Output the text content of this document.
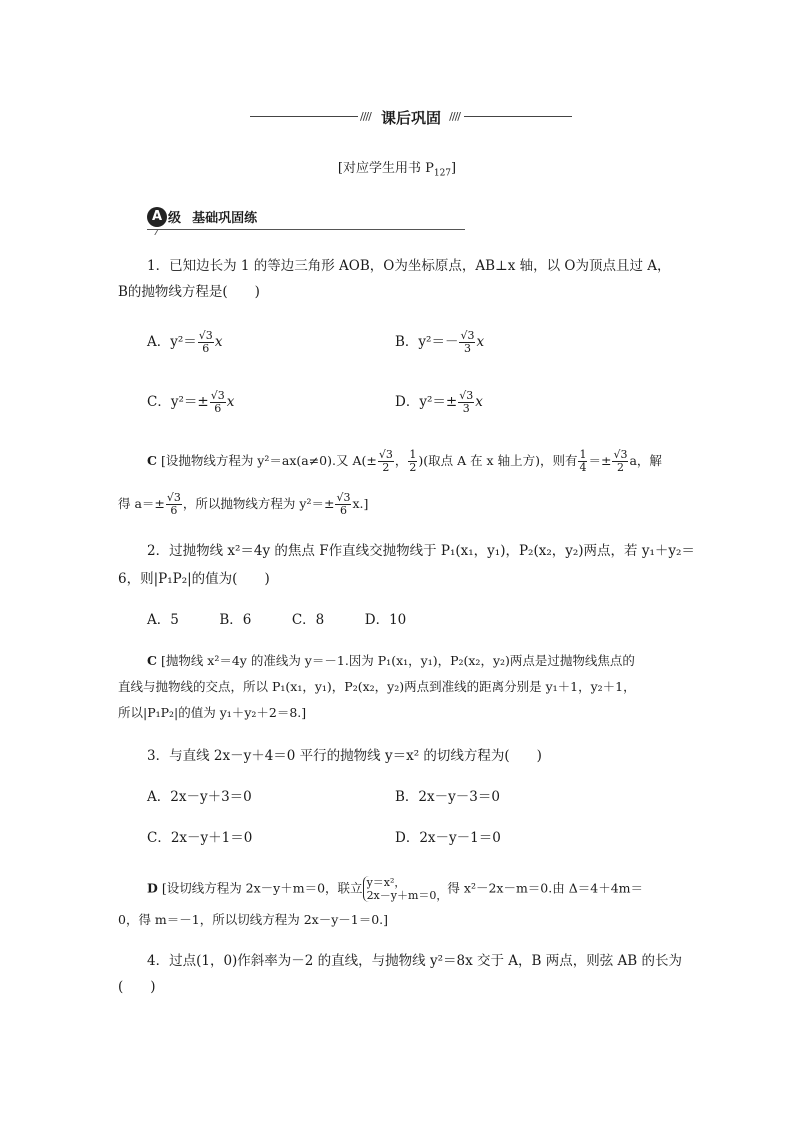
//// 课后巩固 ////
[对应学生用书 $P_{127}$]
A 级 基础巩固练
1．已知边长为 1 的等边三角形 AOB，O为坐标原点，AB⊥x 轴，以 O为顶点且过 A，
B的抛物线方程是(　　)
A．$y^2= \frac{√3}{6}$ x	B．$y^2=- \frac{√3}{3}$ x
C．$y^2=\pm \frac{√3}{6}$ x	D．$y^2=\pm \frac{√3}{3}$ x
C [设抛物线方程为 y²＝ax(a≠0).又 $A(\pm \frac{√3}{2}$ ， $\frac{1}{2}$ )(取点 A 在 x 轴上方)，则有 $\frac{1}{4} =\pm \frac{√3}{2}$ a，解
得 $a=\pm \frac{√3}{6}$ ，所以抛物线方程为 $y^2=\pm \frac{√3}{6} x$.]
2．过抛物线 x²＝4y 的焦点 F作直线交抛物线于 P₁(x₁，y₁)，P₂(x₂，y₂)两点，若 y₁＋y₂＝
6，则|P₁P₂|的值为(　　)
A．5　　　B．6　　　C．8　　　D．10
C [抛物线 x²＝4y 的准线为 y＝－1.因为 P₁(x₁，y₁)，P₂(x₂，y₂)两点是过抛物线焦点的
直线与抛物线的交点，所以 P₁(x₁，y₁)，P₂(x₂，y₂)两点到准线的距离分别是 y₁＋1，y₂＋1，
所以|P₁P₂|的值为 y₁＋y₂＋2＝8.]
3．与直线 2x－y＋4＝0 平行的抛物线 y＝x² 的切线方程为(　　)
A．2x－y＋3＝0	B．2x－y－3＝0
C．2x－y＋1＝0	D．2x－y－1＝0
D [设切线方程为 2x－y＋m＝0，联立 y＝x²，
2x－y＋m＝0， 得 x²－2x－m＝0.由 Δ＝4＋4m＝
0，得 m＝－1，所以切线方程为 2x－y－1＝0.]
4．过点(1，0)作斜率为－2 的直线，与抛物线 y²＝8x 交于 A，B 两点，则弦 AB 的长为
(　　)
